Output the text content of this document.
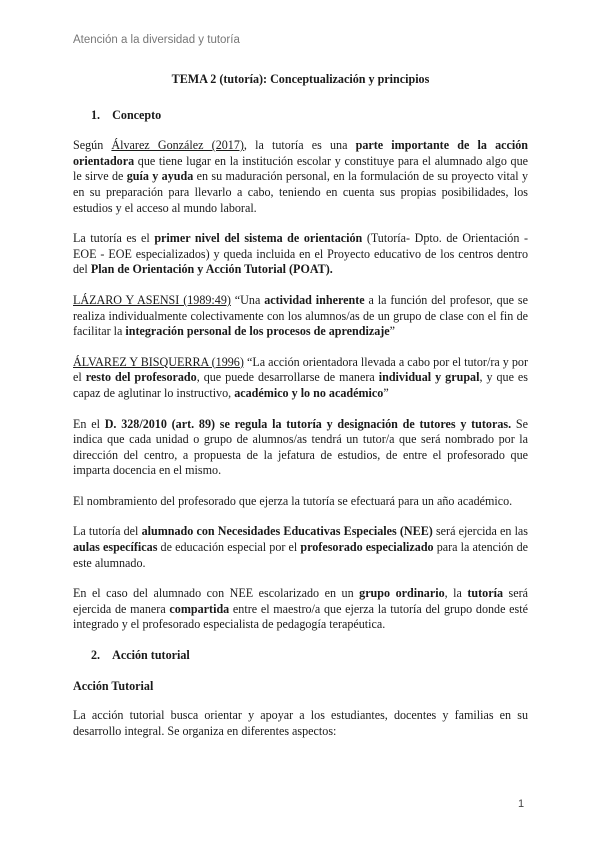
Atención a la diversidad y tutoría
TEMA 2 (tutoría): Conceptualización y principios
1. Concepto

Según Álvarez González (2017), la tutoría es una parte importante de la acción orientadora que tiene lugar en la institución escolar y constituye para el alumnado algo que le sirve de guía y ayuda en su maduración personal, en la formulación de su proyecto vital y en su preparación para llevarlo a cabo, teniendo en cuenta sus propias posibilidades, los estudios y el acceso al mundo laboral.

La tutoría es el primer nivel del sistema de orientación (Tutoría- Dpto. de Orientación - EOE - EOE especializados) y queda incluida en el Proyecto educativo de los centros dentro del Plan de Orientación y Acción Tutorial (POAT).

LÁZARO Y ASENSI (1989:49) “Una actividad inherente a la función del profesor, que se realiza individualmente colectivamente con los alumnos/as de un grupo de clase con el fin de facilitar la integración personal de los procesos de aprendizaje”

ÁLVAREZ Y BISQUERRA (1996) “La acción orientadora llevada a cabo por el tutor/ra y por el resto del profesorado, que puede desarrollarse de manera individual y grupal, y que es capaz de aglutinar lo instructivo, académico y lo no académico”

En el D. 328/2010 (art. 89) se regula la tutoría y designación de tutores y tutoras. Se indica que cada unidad o grupo de alumnos/as tendrá un tutor/a que será nombrado por la dirección del centro, a propuesta de la jefatura de estudios, de entre el profesorado que imparta docencia en el mismo.

El nombramiento del profesorado que ejerza la tutoría se efectuará para un año académico.

La tutoría del alumnado con Necesidades Educativas Especiales (NEE) será ejercida en las aulas específicas de educación especial por el profesorado especializado para la atención de este alumnado.

En el caso del alumnado con NEE escolarizado en un grupo ordinario, la tutoría será ejercida de manera compartida entre el maestro/a que ejerza la tutoría del grupo donde esté integrado y el profesorado especialista de pedagogía terapéutica.

2. Acción tutorial
Acción Tutorial

La acción tutorial busca orientar y apoyar a los estudiantes, docentes y familias en su desarrollo integral. Se organiza en diferentes aspectos:

1
